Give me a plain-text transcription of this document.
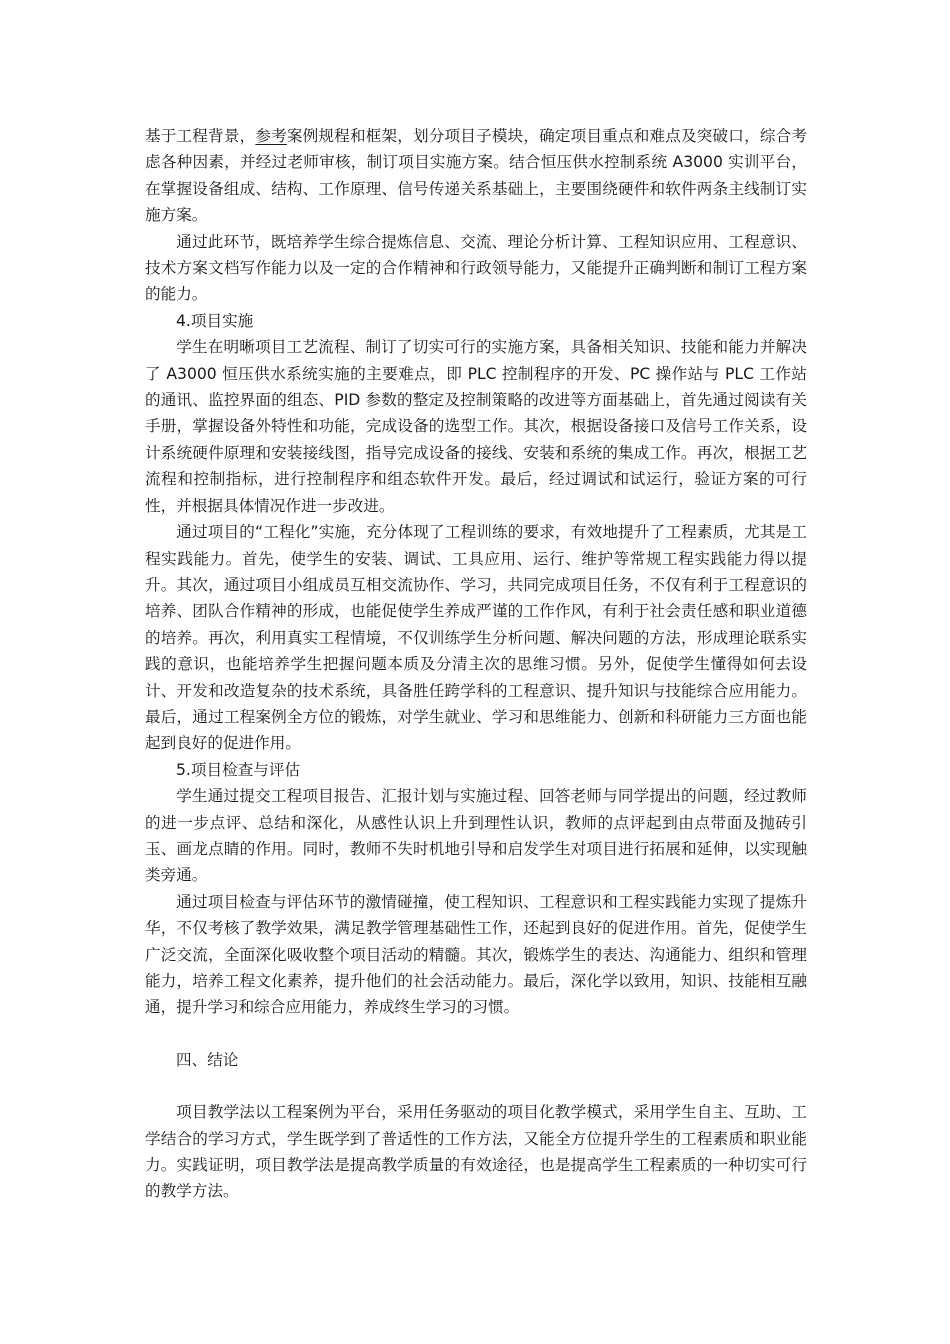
基于工程背景，参考案例规程和框架，划分项目子模块，确定项目重点和难点及突破口，综合考虑各种因素，并经过老师审核，制订项目实施方案。结合恒压供水控制系统 A3000 实训平台，在掌握设备组成、结构、工作原理、信号传递关系基础上，主要围绕硬件和软件两条主线制订实施方案。

通过此环节，既培养学生综合提炼信息、交流、理论分析计算、工程知识应用、工程意识、技术方案文档写作能力以及一定的合作精神和行政领导能力，又能提升正确判断和制订工程方案的能力。

4.项目实施

学生在明晰项目工艺流程、制订了切实可行的实施方案，具备相关知识、技能和能力并解决了 A3000 恒压供水系统实施的主要难点，即 PLC 控制程序的开发、PC 操作站与 PLC 工作站的通讯、监控界面的组态、PID 参数的整定及控制策略的改进等方面基础上，首先通过阅读有关手册，掌握设备外特性和功能，完成设备的选型工作。其次，根据设备接口及信号工作关系，设计系统硬件原理和安装接线图，指导完成设备的接线、安装和系统的集成工作。再次，根据工艺流程和控制指标，进行控制程序和组态软件开发。最后，经过调试和试运行，验证方案的可行性，并根据具体情况作进一步改进。

通过项目的“工程化”实施，充分体现了工程训练的要求，有效地提升了工程素质，尤其是工程实践能力。首先，使学生的安装、调试、工具应用、运行、维护等常规工程实践能力得以提升。其次，通过项目小组成员互相交流协作、学习，共同完成项目任务，不仅有利于工程意识的培养、团队合作精神的形成，也能促使学生养成严谨的工作作风，有利于社会责任感和职业道德的培养。再次，利用真实工程情境，不仅训练学生分析问题、解决问题的方法，形成理论联系实践的意识，也能培养学生把握问题本质及分清主次的思维习惯。另外，促使学生懂得如何去设计、开发和改造复杂的技术系统，具备胜任跨学科的工程意识、提升知识与技能综合应用能力。最后，通过工程案例全方位的锻炼，对学生就业、学习和思维能力、创新和科研能力三方面也能起到良好的促进作用。

5.项目检查与评估

学生通过提交工程项目报告、汇报计划与实施过程、回答老师与同学提出的问题，经过教师的进一步点评、总结和深化，从感性认识上升到理性认识，教师的点评起到由点带面及抛砖引玉、画龙点睛的作用。同时，教师不失时机地引导和启发学生对项目进行拓展和延伸，以实现触类旁通。

通过项目检查与评估环节的激情碰撞，使工程知识、工程意识和工程实践能力实现了提炼升华，不仅考核了教学效果，满足教学管理基础性工作，还起到良好的促进作用。首先，促使学生广泛交流，全面深化吸收整个项目活动的精髓。其次，锻炼学生的表达、沟通能力、组织和管理能力，培养工程文化素养，提升他们的社会活动能力。最后，深化学以致用，知识、技能相互融通，提升学习和综合应用能力，养成终生学习的习惯。

四、结论

项目教学法以工程案例为平台，采用任务驱动的项目化教学模式，采用学生自主、互助、工学结合的学习方式，学生既学到了普适性的工作方法，又能全方位提升学生的工程素质和职业能力。实践证明，项目教学法是提高教学质量的有效途径，也是提高学生工程素质的一种切实可行的教学方法。
